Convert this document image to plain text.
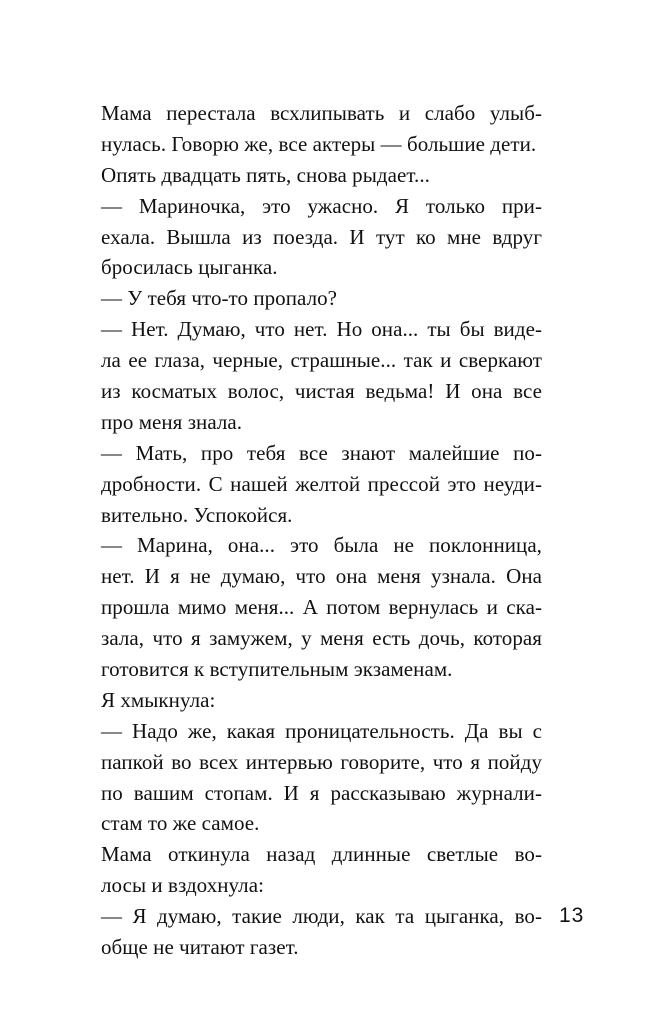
Мама перестала всхлипывать и слабо улыб-
нулась. Говорю же, все актеры — большие дети.
Опять двадцать пять, снова рыдает...
— Мариночка, это ужасно. Я только при-
ехала. Вышла из поезда. И тут ко мне вдруг
бросилась цыганка.
— У тебя что-то пропало?
— Нет. Думаю, что нет. Но она... ты бы виде-
ла ее глаза, черные, страшные... так и сверкают
из косматых волос, чистая ведьма! И она все
про меня знала.
— Мать, про тебя все знают малейшие по-
дробности. С нашей желтой прессой это неуди-
вительно. Успокойся.
— Марина, она... это была не поклонница,
нет. И я не думаю, что она меня узнала. Она
прошла мимо меня... А потом вернулась и ска-
зала, что я замужем, у меня есть дочь, которая
готовится к вступительным экзаменам.
Я хмыкнула:
— Надо же, какая проницательность. Да вы с
папкой во всех интервью говорите, что я пойду
по вашим стопам. И я рассказываю журнали-
стам то же самое.
Мама откинула назад длинные светлые во-
лосы и вздохнула:
— Я думаю, такие люди, как та цыганка, во-
обще не читают газет.
13
